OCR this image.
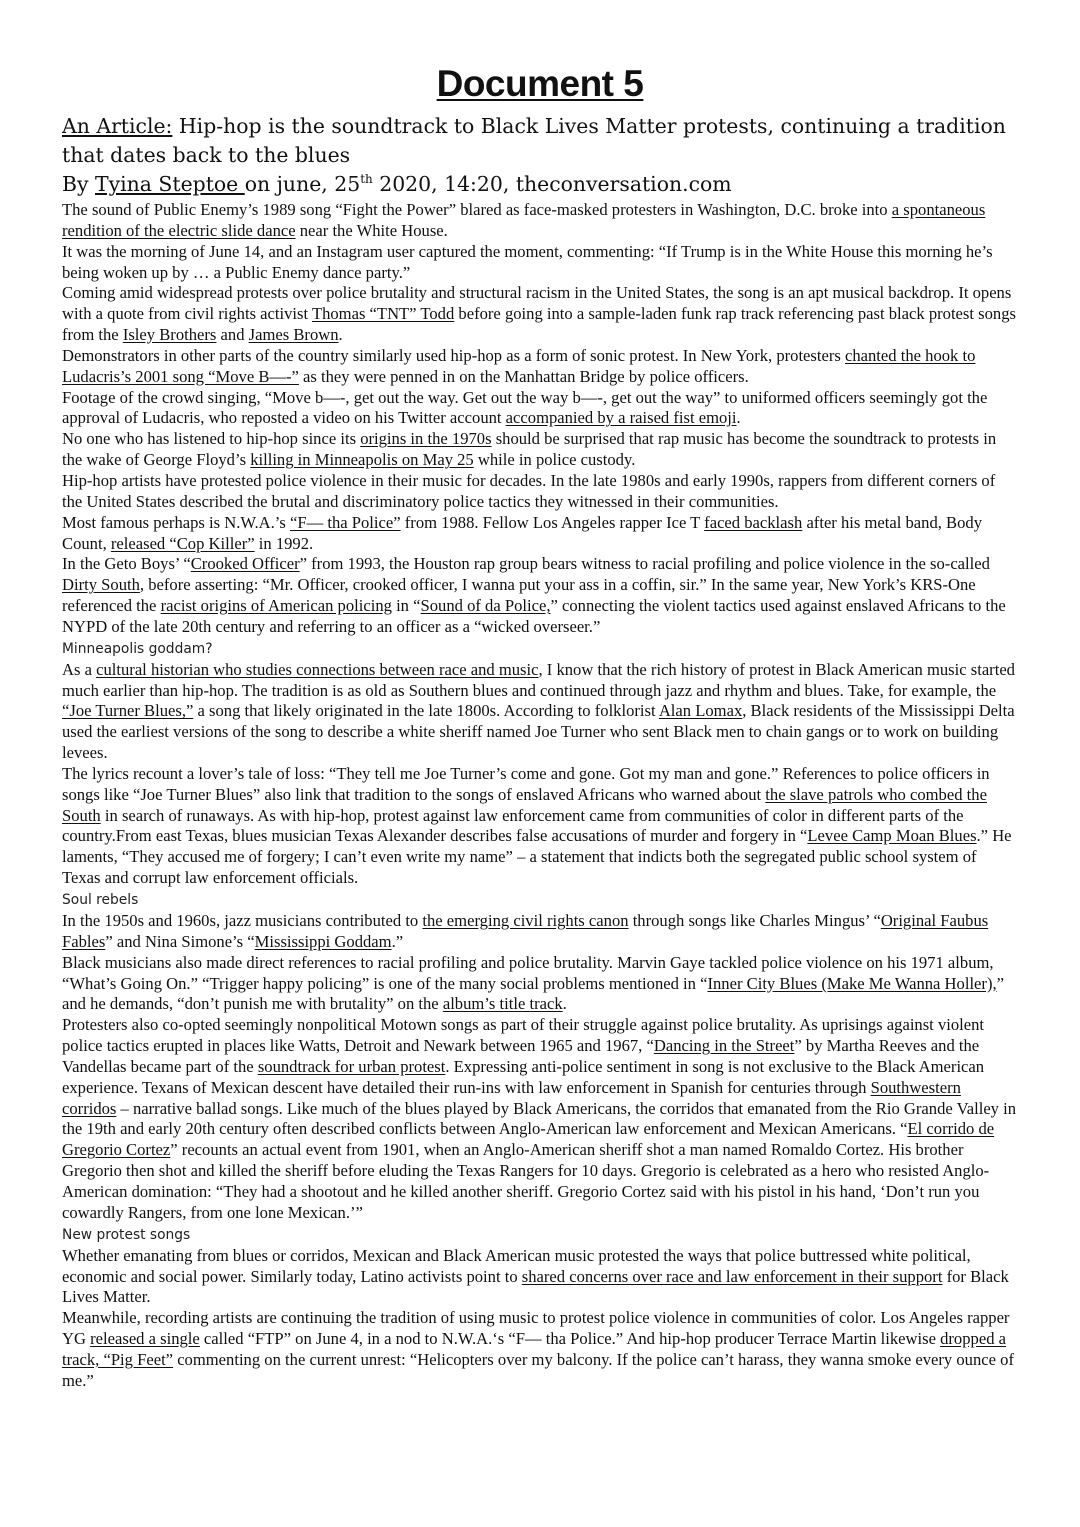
Document 5

An Article: Hip-hop is the soundtrack to Black Lives Matter protests, continuing a tradition that dates back to the blues

By Tyina Steptoe on june, 25th 2020, 14:20, theconversation.com

The sound of Public Enemy’s 1989 song “Fight the Power” blared as face-masked protesters in Washington, D.C. broke into a spontaneous rendition of the electric slide dance near the White House.

It was the morning of June 14, and an Instagram user captured the moment, commenting: “If Trump is in the White House this morning he’s being woken up by … a Public Enemy dance party.”

Coming amid widespread protests over police brutality and structural racism in the United States, the song is an apt musical backdrop. It opens with a quote from civil rights activist Thomas “TNT” Todd before going into a sample-laden funk rap track referencing past black protest songs from the Isley Brothers and James Brown.

Demonstrators in other parts of the country similarly used hip-hop as a form of sonic protest. In New York, protesters chanted the hook to Ludacris’s 2001 song “Move B—-” as they were penned in on the Manhattan Bridge by police officers.

Footage of the crowd singing, “Move b—-, get out the way. Get out the way b—-, get out the way” to uniformed officers seemingly got the approval of Ludacris, who reposted a video on his Twitter account accompanied by a raised fist emoji.

No one who has listened to hip-hop since its origins in the 1970s should be surprised that rap music has become the soundtrack to protests in the wake of George Floyd’s killing in Minneapolis on May 25 while in police custody.

Hip-hop artists have protested police violence in their music for decades. In the late 1980s and early 1990s, rappers from different corners of the United States described the brutal and discriminatory police tactics they witnessed in their communities.

Most famous perhaps is N.W.A.’s “F— tha Police” from 1988. Fellow Los Angeles rapper Ice T faced backlash after his metal band, Body Count, released “Cop Killer” in 1992.

In the Geto Boys’ “Crooked Officer” from 1993, the Houston rap group bears witness to racial profiling and police violence in the so-called Dirty South, before asserting: “Mr. Officer, crooked officer, I wanna put your ass in a coffin, sir.” In the same year, New York’s KRS-One referenced the racist origins of American policing in “Sound of da Police,” connecting the violent tactics used against enslaved Africans to the NYPD of the late 20th century and referring to an officer as a “wicked overseer.”

Minneapolis goddam?

As a cultural historian who studies connections between race and music, I know that the rich history of protest in Black American music started much earlier than hip-hop. The tradition is as old as Southern blues and continued through jazz and rhythm and blues. Take, for example, the “Joe Turner Blues,” a song that likely originated in the late 1800s. According to folklorist Alan Lomax, Black residents of the Mississippi Delta used the earliest versions of the song to describe a white sheriff named Joe Turner who sent Black men to chain gangs or to work on building levees.

The lyrics recount a lover’s tale of loss: “They tell me Joe Turner’s come and gone. Got my man and gone.” References to police officers in songs like “Joe Turner Blues” also link that tradition to the songs of enslaved Africans who warned about the slave patrols who combed the South in search of runaways. As with hip-hop, protest against law enforcement came from communities of color in different parts of the country.From east Texas, blues musician Texas Alexander describes false accusations of murder and forgery in “Levee Camp Moan Blues.” He laments, “They accused me of forgery; I can’t even write my name” – a statement that indicts both the segregated public school system of Texas and corrupt law enforcement officials.

Soul rebels

In the 1950s and 1960s, jazz musicians contributed to the emerging civil rights canon through songs like Charles Mingus’ “Original Faubus Fables” and Nina Simone’s “Mississippi Goddam.”

Black musicians also made direct references to racial profiling and police brutality. Marvin Gaye tackled police violence on his 1971 album, “What’s Going On.” “Trigger happy policing” is one of the many social problems mentioned in “Inner City Blues (Make Me Wanna Holler),” and he demands, “don’t punish me with brutality” on the album’s title track.

Protesters also co-opted seemingly nonpolitical Motown songs as part of their struggle against police brutality. As uprisings against violent police tactics erupted in places like Watts, Detroit and Newark between 1965 and 1967, “Dancing in the Street” by Martha Reeves and the Vandellas became part of the soundtrack for urban protest. Expressing anti-police sentiment in song is not exclusive to the Black American experience. Texans of Mexican descent have detailed their run-ins with law enforcement in Spanish for centuries through Southwestern corridos – narrative ballad songs. Like much of the blues played by Black Americans, the corridos that emanated from the Rio Grande Valley in the 19th and early 20th century often described conflicts between Anglo-American law enforcement and Mexican Americans. “El corrido de Gregorio Cortez” recounts an actual event from 1901, when an Anglo-American sheriff shot a man named Romaldo Cortez. His brother Gregorio then shot and killed the sheriff before eluding the Texas Rangers for 10 days. Gregorio is celebrated as a hero who resisted Anglo-American domination: “They had a shootout and he killed another sheriff. Gregorio Cortez said with his pistol in his hand, ‘Don’t run you cowardly Rangers, from one lone Mexican.’”

New protest songs

Whether emanating from blues or corridos, Mexican and Black American music protested the ways that police buttressed white political, economic and social power. Similarly today, Latino activists point to shared concerns over race and law enforcement in their support for Black Lives Matter.

Meanwhile, recording artists are continuing the tradition of using music to protest police violence in communities of color. Los Angeles rapper YG released a single called “FTP” on June 4, in a nod to N.W.A.‘s “F— tha Police.” And hip-hop producer Terrace Martin likewise dropped a track, “Pig Feet” commenting on the current unrest: “Helicopters over my balcony. If the police can’t harass, they wanna smoke every ounce of me.”
